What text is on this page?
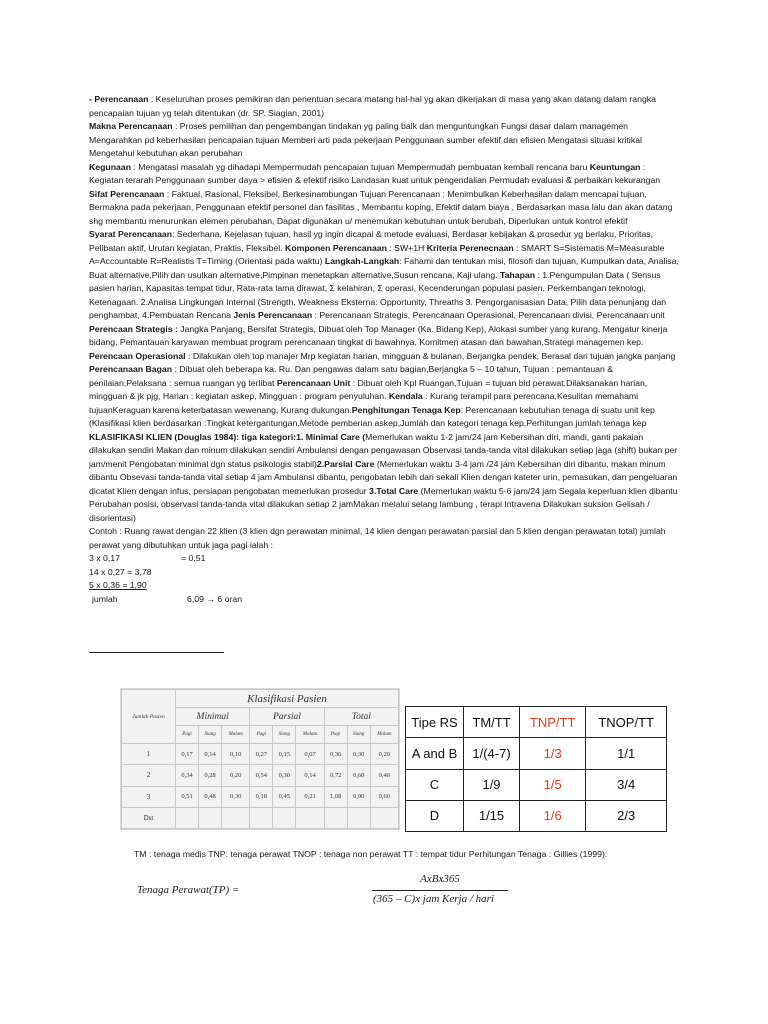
- Perencanaan : Keseluruhan proses pemikiran dan penentuan secara matang hal-hal yg akan dikerjakan di masa yang akan datang dalam rangka pencapaian tujuan yg telah ditentukan (dr. SP. Siagian, 2001)

Makna Perencanaan : Proses pemilihan dan pengembangan tindakan yg paling baik dan menguntungkan Fungsi dasar dalam managemen Mengarahkan pd keberhasilan pencapaian tujuan Memberi arti pada pekerjaan Penggunaan sumber efektif dan efisien Mengatasi situasi kritikal Mengetahui kebutuhan akan perubahan

Kegunaan : Mengatasi masalah yg dihadapi Mempermudah pencapaian tujuan Mempermudah pembuatan kembali rencana baru Keuntungan : Kegiatan terarah Penggunaan sumber daya > efisien & efektif risiko Landasan kuat untuk pengendalian Permudah evaluasi & perbaikan kekurangan Sifat Perencanaan : Faktual, Rasional, Fleksibel, Berkesinambungan Tujuan Perencanaan : Menimbulkan Keberhasilan dalam mencapai tujuan, Bermakna pada pekerjaan, Penggunaan efektif personel dan fasilitas , Membantu koping, Efektif dalam biaya , Berdasarkan masa lalu dan akan datang shg membantu menurunkan elemen perubahan, Dapat digunakan u/ menemukan kebutuhan untuk berubah, Diperlukan untuk kontrol efektif

Syarat Perencanaan: Sederhana, Kejelasan tujuan, hasil yg ingin dicapai & metode evaluasi, Berdasar kebijakan & prosedur yg berlaku, Prioritas, Pelibatan aktif, Urutan kegiatan, Praktis, Fleksibel. Komponen Perencanaan : SW+1H Kriteria Perenecnaan : SMART S=Sistematis M=Measurable A=Accountable R=Realistis T=Timing (Orientasi pada waktu) Langkah-Langkah: Fahami dan tentukan misi, filosofi dan tujuan, Kumpulkan data, Analisa, Buat alternative,Pilih dan usulkan alternative,Pimpinan menetapkan alternative,Susun rencana, Kaji ulang. Tahapan : 1.Pengumpulan Data ( Sensus pasien harian, Kapasitas tempat tidur, Rata-rata lama dirawat, Σ kelahiran, Σ operasi, Kecenderungan populasi pasien, Perkembangan teknologi, Ketenagaan. 2.Analisa Lingkungan Internal (Strength, Weakness Eksterna: Opportunity, Threaths 3. Pengorganisasian Data, Pilih data penunjang dan penghambat, 4.Pembuatan Rencana Jenis Perencanaan : Perencanaan Strategis, Perencanaan Operasional, Perencanaan divisi, Perencanaan unit Perencaan Strategis : Jangka Panjang, Bersifat Strategis, Dibuat oleh Top Manager (Ka. Bidang Kep), Alokasi sumber yang kurang, Mengatur kinerja bidang, Pemantauan karyawan membuat program perencanaan tingkat di bawahnya, Komitmen atasan dan bawahan,Strategi managemen kep. Perencaan Operasional : Dilakukan oleh top manajer Mrp kegiatan harian, mingguan & bulanan, Berjangka pendek, Berasal dari tujuan jangka panjang Perencanaan Bagan : Dibuat oleh beberapa ka. Ru. Dan pengawas dalam satu bagian,Berjangka 5 – 10 tahun, Tujuan : pemantauan & penilaian,Pelaksana : semua ruangan yg terlibat Perencanaan Unit : Dibuat oleh Kpl Ruangan,Tujuan = tujuan bid perawat,Dilaksanakan harian, mingguan & jk pjg, Harian : kegiatan askep, Mingguan : program penyuluhan. Kendala : Kurang terampil para perencana,Kesulitan memahami tujuanKeraguan karena keterbatasan wewenang, Kurang dukungan.Penghitungan Tenaga Kep: Perencanaan kebutuhan tenaga di suatu unit kep (Klasifikasi klien berdasarkan :Tingkat ketergantungan,Metode pemberian askep,Jumlah dan kategori tenaga kep,Perhitungan jumlah tenaga kep KLASIFIKASI KLIEN (Douglas 1984): tiga kategori:1. Minimal Care (Memerlukan waktu 1-2 jam/24 jam Kebersihan diri, mandi, ganti pakaian dilakukan sendiri Makan dan minum dilakukan sendiri Ambulansi dengan pengawasan Observasi tanda-tanda vital dilakukan setiap jaga (shift) bukan per jam/menit Pengobatan minimal dgn status psikologis stabil)2.Parsial Care (Memerlukan waktu 3-4 jam /24 jam Kebersihan diri dibantu, makan minum dibantu Obsevasi tanda-tanda vital setiap 4 jam Ambulansi dibantu, pengobatan lebih dari sekali Klien dengan kateter urin, pemasukan, dan pengeluaran dicatat Klien dengan infus, persiapan pengobatan memerlukan prosedur 3.Total Care (Memerlukan waktu 5-6 jam/24 jam Segala keperluan klien dibantu Perubahan posisi, observasi tanda-tanda vital dilakukan setiap 2 jamMakan melalui selang lambung , terapi Intravena Dilakukan suksion Gelisah / disorientasi)

Contoh : Ruang rawat dengan 22 klien (3 klien dgn perawatan minimal, 14 klien dengan perawatan parsial dan 5 klien dengan perawatan total) jumlah perawat yang dibutuhkan untuk jaga pagi ialah :

3 x 0,17	= 0,51
14 x 0,27 = 3,78
5 x 0,36 = 1,90
jumlah	6,09 → 6 oran
Jumlah Pasien	Klasifikasi Pasien								
	Minimal			Parsial			Total		
	Pagi	Siang	Malam	Pagi	Siang	Malam	Pagi	Siang	Malam
1	0,17	0,14	0,10	0,27	0,15	0,07	0,36	0,30	0,20
2	0,34	0,28	0,20	0,54	0,30	0,14	0,72	0,60	0,40
3	0,51	0,48	0,30	0,18	0,45	0,21	1,08	0,90	0,60
Dst									
Tipe RS	TM/TT	TNP/TT	TNOP/TT
A and B	1/(4-7)	1/3	1/1
C	1/9	1/5	3/4
D	1/15	1/6	2/3
TM : tenaga medis TNP: tenaga perawat TNOP : tenaga non perawat TT : tempat tidur Perhitungan Tenaga : Gillies (1999):
Tenaga Perawat(TP) =
AxBx365
(365 – C)x jam Kerja / hari
